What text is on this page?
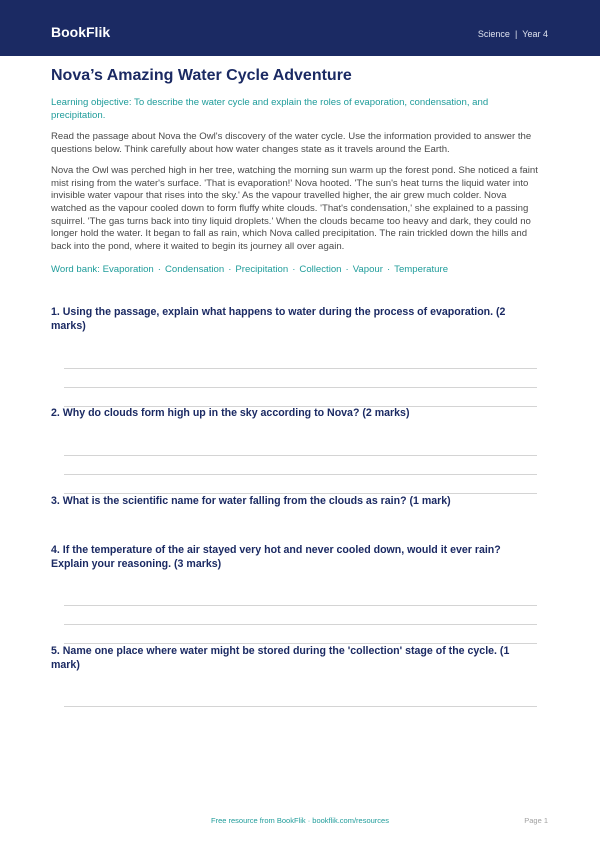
BookFlik	Science | Year 4
Nova’s Amazing Water Cycle Adventure

Learning objective: To describe the water cycle and explain the roles of evaporation, condensation, and precipitation.

Read the passage about Nova the Owl's discovery of the water cycle. Use the information provided to answer the questions below. Think carefully about how water changes state as it travels around the Earth.

Nova the Owl was perched high in her tree, watching the morning sun warm up the forest pond. She noticed a faint mist rising from the water's surface. 'That is evaporation!' Nova hooted. 'The sun's heat turns the liquid water into invisible water vapour that rises into the sky.' As the vapour travelled higher, the air grew much colder. Nova watched as the vapour cooled down to form fluffy white clouds. 'That's condensation,' she explained to a passing squirrel. 'The gas turns back into tiny liquid droplets.' When the clouds became too heavy and dark, they could no longer hold the water. It began to fall as rain, which Nova called precipitation. The rain trickled down the hills and back into the pond, where it waited to begin its journey all over again.

Word bank: Evaporation · Condensation · Precipitation · Collection · Vapour · Temperature

1. Using the passage, explain what happens to water during the process of evaporation. (2 marks)
2. Why do clouds form high up in the sky according to Nova? (2 marks)
3. What is the scientific name for water falling from the clouds as rain? (1 mark)
4. If the temperature of the air stayed very hot and never cooled down, would it ever rain? Explain your reasoning. (3 marks)
5. Name one place where water might be stored during the 'collection' stage of the cycle. (1 mark)
Free resource from BookFlik · bookflik.com/resources	Page 1
